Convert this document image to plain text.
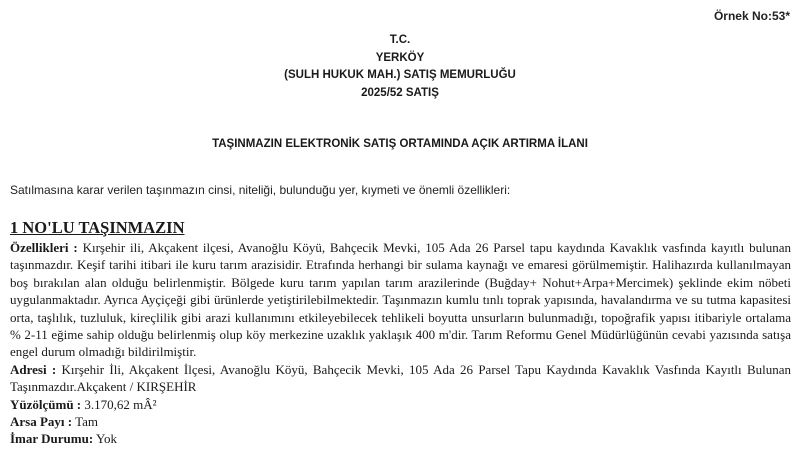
Örnek No:53*
T.C.
YERKÖY
(SULH HUKUK MAH.) SATIŞ MEMURLUĞU
2025/52 SATIŞ
TAŞINMAZIN ELEKTRONİK SATIŞ ORTAMINDA AÇIK ARTIRMA İLANI
Satılmasına karar verilen taşınmazın cinsi, niteliği, bulunduğu yer, kıymeti ve önemli özellikleri:
1 NO'LU TAŞINMAZIN

Özellikleri : Kırşehir ili, Akçakent ilçesi, Avanoğlu Köyü, Bahçecik Mevki, 105 Ada 26 Parsel tapu kaydında Kavaklık vasfında kayıtlı bulunan taşınmazdır. Keşif tarihi itibari ile kuru tarım arazisidir. Etrafında herhangi bir sulama kaynağı ve emaresi görülmemiştir. Halihazırda kullanılmayan boş bırakılan alan olduğu belirlenmiştir. Bölgede kuru tarım yapılan tarım arazilerinde (Buğday+ Nohut+Arpa+Mercimek) şeklinde ekim nöbeti uygulanmaktadır. Ayrıca Ayçiçeği gibi ürünlerde yetiştirilebilmektedir. Taşınmazın kumlu tınlı toprak yapısında, havalandırma ve su tutma kapasitesi orta, taşlılık, tuzluluk, kireçlilik gibi arazi kullanımını etkileyebilecek tehlikeli boyutta unsurların bulunmadığı, topoğrafik yapısı itibariyle ortalama % 2-11 eğime sahip olduğu belirlenmiş olup köy merkezine uzaklık yaklaşık 400 m'dir. Tarım Reformu Genel Müdürlüğünün cevabi yazısında satışa engel durum olmadığı bildirilmiştir.

Adresi : Kırşehir İli, Akçakent İlçesi, Avanoğlu Köyü, Bahçecik Mevki, 105 Ada 26 Parsel Tapu Kaydında Kavaklık Vasfında Kayıtlı Bulunan Taşınmazdır.Akçakent / KIRŞEHİR

Yüzölçümü : 3.170,62 mÂ²

Arsa Payı : Tam

İmar Durumu: Yok
